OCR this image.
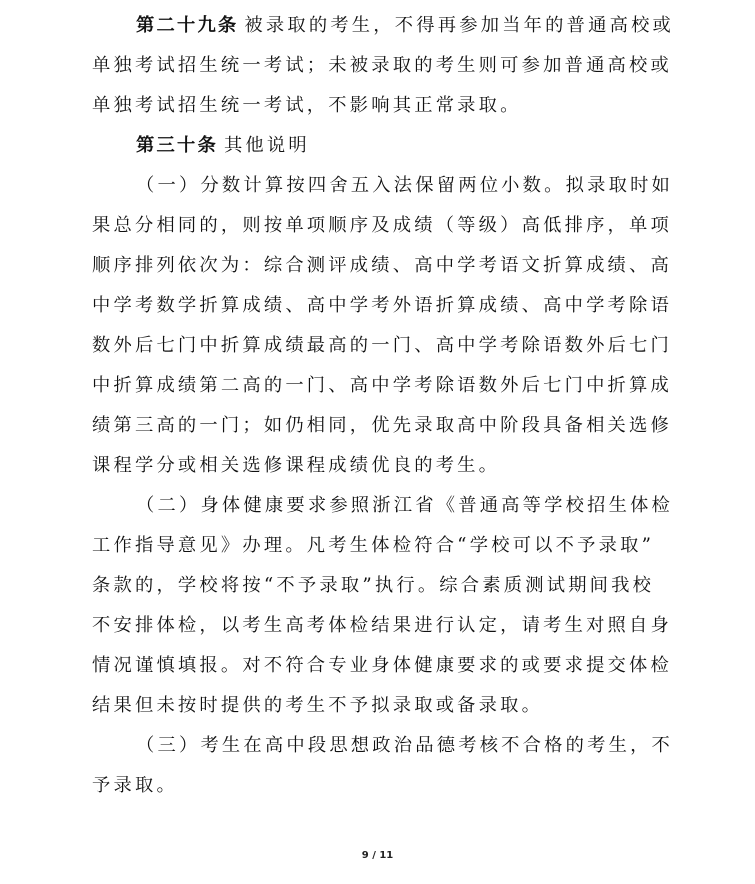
第二十九条 被录取的考生，不得再参加当年的普通高校或
单独考试招生统一考试；未被录取的考生则可参加普通高校或
单独考试招生统一考试，不影响其正常录取。
第三十条 其他说明
（一）分数计算按四舍五入法保留两位小数。拟录取时如
果总分相同的，则按单项顺序及成绩（等级）高低排序，单项
顺序排列依次为：综合测评成绩、高中学考语文折算成绩、高
中学考数学折算成绩、高中学考外语折算成绩、高中学考除语
数外后七门中折算成绩最高的一门、高中学考除语数外后七门
中折算成绩第二高的一门、高中学考除语数外后七门中折算成
绩第三高的一门；如仍相同，优先录取高中阶段具备相关选修
课程学分或相关选修课程成绩优良的考生。
（二）身体健康要求参照浙江省《普通高等学校招生体检
工作指导意见》办理。凡考生体检符合“学校可以不予录取”
条款的，学校将按“不予录取”执行。综合素质测试期间我校
不安排体检，以考生高考体检结果进行认定，请考生对照自身
情况谨慎填报。对不符合专业身体健康要求的或要求提交体检
结果但未按时提供的考生不予拟录取或备录取。
（三）考生在高中段思想政治品德考核不合格的考生，不
予录取。
9 / 11
